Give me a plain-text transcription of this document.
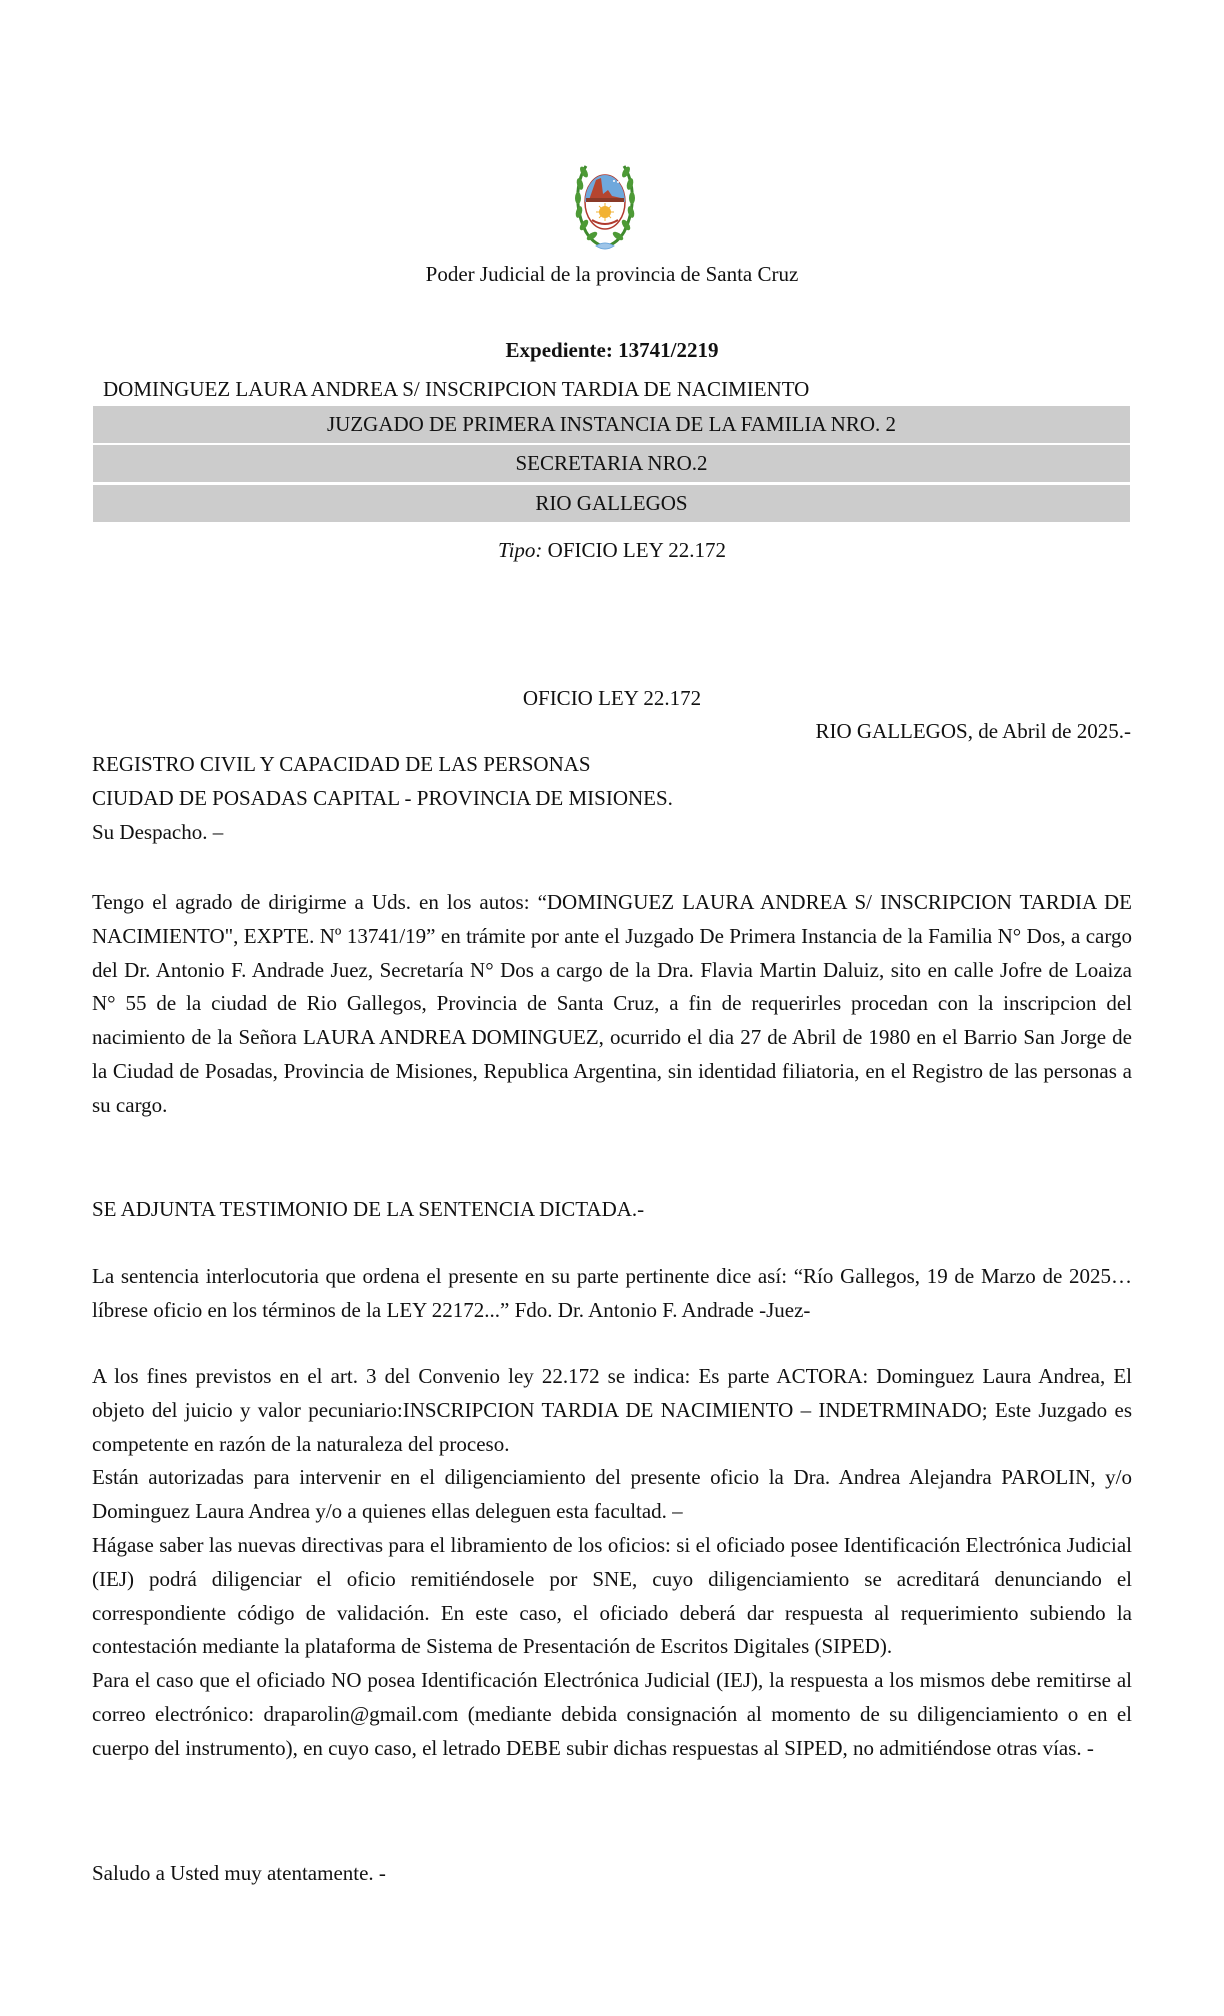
Poder Judicial de la provincia de Santa Cruz
Expediente: 13741/2219
DOMINGUEZ LAURA ANDREA S/ INSCRIPCION TARDIA DE NACIMIENTO
JUZGADO DE PRIMERA INSTANCIA DE LA FAMILIA NRO. 2
SECRETARIA NRO.2
RIO GALLEGOS
Tipo: OFICIO LEY 22.172
OFICIO LEY 22.172
RIO GALLEGOS, de Abril de 2025.-
REGISTRO CIVIL Y CAPACIDAD DE LAS PERSONAS
CIUDAD DE POSADAS CAPITAL - PROVINCIA DE MISIONES.
Su Despacho. –

Tengo el agrado de dirigirme a Uds. en los autos: “DOMINGUEZ LAURA ANDREA S/ INSCRIPCION TARDIA DE NACIMIENTO", EXPTE. Nº 13741/19” en trámite por ante el Juzgado De Primera Instancia de la Familia N° Dos, a cargo del Dr. Antonio F. Andrade Juez, Secretaría N° Dos a cargo de la Dra. Flavia Martin Daluiz, sito en calle Jofre de Loaiza N° 55 de la ciudad de Rio Gallegos, Provincia de Santa Cruz, a fin de requerirles procedan con la inscripcion del nacimiento de la Señora LAURA ANDREA DOMINGUEZ, ocurrido el dia 27 de Abril de 1980 en el Barrio San Jorge de la Ciudad de Posadas, Provincia de Misiones, Republica Argentina, sin identidad filiatoria, en el Registro de las personas a su cargo.

SE ADJUNTA TESTIMONIO DE LA SENTENCIA DICTADA.-

La sentencia interlocutoria que ordena el presente en su parte pertinente dice así: “Río Gallegos, 19 de Marzo de 2025… líbrese oficio en los términos de la LEY 22172...” Fdo. Dr. Antonio F. Andrade -Juez-

A los fines previstos en el art. 3 del Convenio ley 22.172 se indica: Es parte ACTORA: Dominguez Laura Andrea, El objeto del juicio y valor pecuniario:INSCRIPCION TARDIA DE NACIMIENTO – INDETRMINADO; Este Juzgado es competente en razón de la naturaleza del proceso.

Están autorizadas para intervenir en el diligenciamiento del presente oficio la Dra. Andrea Alejandra PAROLIN, y/o Dominguez Laura Andrea y/o a quienes ellas deleguen esta facultad. –

Hágase saber las nuevas directivas para el libramiento de los oficios: si el oficiado posee Identificación Electrónica Judicial (IEJ) podrá diligenciar el oficio remitiéndosele por SNE, cuyo diligenciamiento se acreditará denunciando el correspondiente código de validación. En este caso, el oficiado deberá dar respuesta al requerimiento subiendo la contestación mediante la plataforma de Sistema de Presentación de Escritos Digitales (SIPED).

Para el caso que el oficiado NO posea Identificación Electrónica Judicial (IEJ), la respuesta a los mismos debe remitirse al correo electrónico: draparolin@gmail.com (mediante debida consignación al momento de su diligenciamiento o en el cuerpo del instrumento), en cuyo caso, el letrado DEBE subir dichas respuestas al SIPED, no admitiéndose otras vías. -

Saludo a Usted muy atentamente. -
